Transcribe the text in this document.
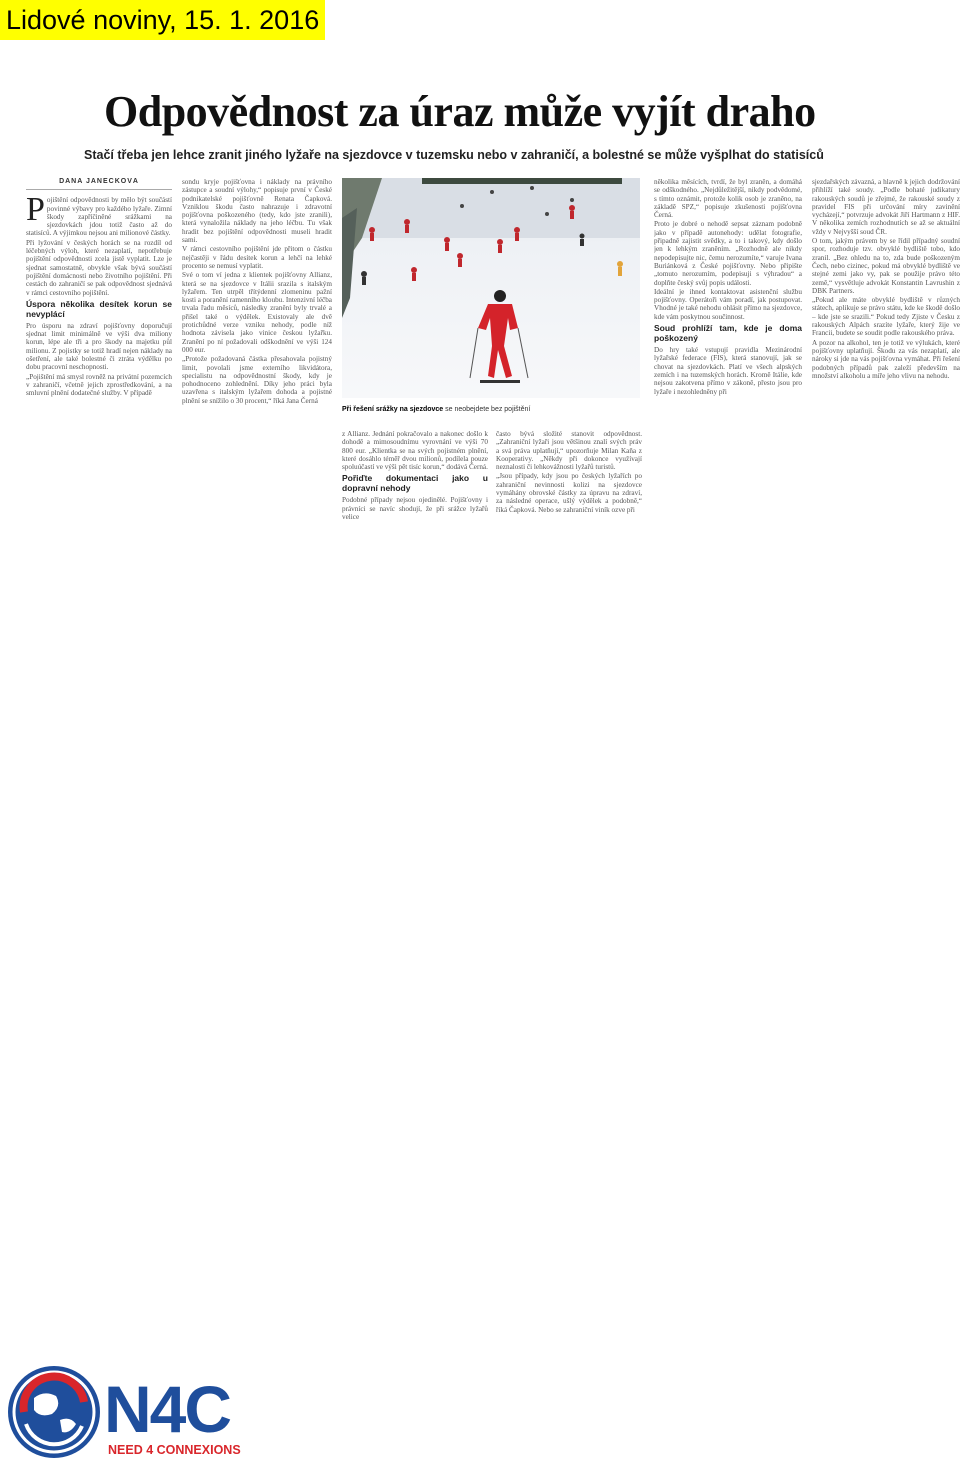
Lidové noviny, 15. 1. 2016
Odpovědnost za úraz může vyjít draho
Stačí třeba jen lehce zranit jiného lyžaře na sjezdovce v tuzemsku nebo v zahraničí, a bolestné se může vyšplhat do statisíců
DANA JANEČKOVÁ

Pojištění odpovědnosti by mělo být součástí povinné výbavy pro každého lyžaře. Zimní škody zapříčiněné srážkami na sjezdovkách jdou totiž často až do statisíců. A výjimkou nejsou ani milionové částky.

Při lyžování v českých horách se na rozdíl od léčebných výloh, které nezaplatí, nepotřebuje pojištění odpovědnosti zcela jistě vyplatit. Lze je sjednat samostatně, obvykle však bývá součástí pojištění domácnosti nebo životního pojištění. Při cestách do zahraničí se pak odpovědnost sjednává v rámci cestovního pojištění.

Úspora několika desítek korun se nevyplácí

Pro úsporu na zdraví pojišťovny doporučují sjednat limit minimálně ve výši dva miliony korun, lépe ale tři a pro škody na majetku půl milionu. Z pojistky se totiž hradí nejen náklady na ošetření, ale také bolestné či ztráta výdělku po dobu pracovní neschopnosti.

„Pojištění má smysl rovněž na privátní pozemcích v zahraničí, včetně jejich zprostředkování, a na smluvní plnění dodatečné služby. V případě

sondu kryje pojišťovna i náklady na právního zástupce a soudní výlohy,“ popisuje první v České podnikatelské pojišťovně Renata Čapková. Vzniklou škodu často nahrazuje i zdravotní pojišťovna poškozeného (tedy, kdo jste zranili), která vynaložila náklady na jeho léčbu. Tu však hradit bez pojištění odpovědnosti museli hradit sami.

V rámci cestovního pojištění jde přitom o částku nejčastěji v řádu desítek korun a lehčí na lehké procento se nemusí vyplatit.

Své o tom ví jedna z klientek pojišťovny Allianz, která se na sjezdovce v Itálii srazila s italským lyžařem. Ten utrpěl třítýdenní zlomeninu pažní kosti a poranění ramenního kloubu. Intenzivní léčba trvala řadu měsíců, následky zranění byly trvalé a přišel také o výdělek. Existovaly ale dvě protichůdné verze vzniku nehody, podle níž hodnota závisela jako vinice českou lyžařku. Zranění po ní požadovali odškodnění ve výši 124 000 eur.

„Protože požadovaná částka přesahovala pojistný limit, povolali jsme externího likvidátora, specialistu na odpovědnostní škody, kdy je pohodnoceno zohlednění. Díky jeho práci byla uzavřena s italským lyžařem dohoda a pojistné plnění se snížilo o 30 procent,“ říká Jana Černá

Při řešení srážky na sjezdovce se neobejdete bez pojištění

z Allianz. Jednání pokračovalo a nakonec došlo k dohodě a mimosoudnímu vyrovnání ve výši 70 800 eur. „Klientka se na svých pojistném plnění, které dosáhlo téměř dvou milionů, podílela pouze spoluúčastí ve výši pět tisíc korun,“ dodává Černá.

Pořiďte dokumentaci jako u dopravní nehody

Podobné případy nejsou ojedinělé. Pojišťovny i právníci se navíc shodují, že při srážce lyžařů velice

často bývá složité stanovit odpovědnost. „Zahraniční lyžaři jsou většinou znalí svých práv a svá práva uplatňují,“ upozorňuje Milan Kaňa z Kooperativy. „Někdy při dokonce využívají neznalosti či lehkovážnosti lyžařů turistů.

„Jsou případy, kdy jsou po českých lyžařích po zahraniční nevinnosti kolizi na sjezdovce vymáhány obrovské částky za úpravu na zdraví, za následné operace, ušlý výdělek a podobně,“ říká Čapková. Nebo se zahraniční viník ozve při

několika měsících, tvrdí, že byl zraněn, a domáhá se odškodného. „Nejdůležitější, nikdy podvědomé, s tímto oznámit, protože kolik osob je zraněno, na základě SPZ,“ popisuje zkušenosti pojišťovna Černá.

Proto je dobré o nehodě sepsat záznam podobně jako v případě autonehody: udělat fotografie, připadně zajistit svědky, a to i takový, kdy došlo jen k lehkým zraněním. „Rozhodně ale nikdy nepodepisujte nic, čemu nerozumíte,“ varuje Ivana Buriánková z České pojišťovny. Nebo připište „tomuto nerozumím, podepisuji s výhradou“ a doplňte český svůj popis události.

Ideální je ihned kontaktovat asistenční službu pojišťovny. Operátoři vám poradí, jak postupovat. Vhodné je také nehodu ohlásit přímo na sjezdovce, kde vám poskytnou součinnost.

Soud prohlíží tam, kde je doma poškozený

Do hry také vstupují pravidla Mezinárodní lyžařské federace (FIS), která stanovují, jak se chovat na sjezdovkách. Platí ve všech alpských zemích i na tuzemských horách. Kromě Itálie, kde nejsou zakotvena přímo v zákoně, přesto jsou pro lyžaře i nezohledněny při

sjezdařských závazná, a hlavně k jejich dodržování přihlíží také soudy. „Podle bohaté judikatury rakouských soudů je zřejmé, že rakouské soudy z pravidel FIS při určování míry zavinění vycházejí,“ potvrzuje advokát Jiří Hartmann z HIF. V několika zemích rozhodnutích se až se aktuální vždy v Nejvyšší soud ČR.

O tom, jakým právem by se řídil případný soudní spor, rozhoduje tzv. obvyklé bydliště tobo, kdo zranil. „Bez ohledu na to, zda bude poškozeným Čech, nebo cizinec, pokud má obvyklé bydliště ve stejné zemi jako vy, pak se použije právo této země,“ vysvětluje advokát Konstantin Lavrushin z DBK Partners.

„Pokud ale máte obvyklé bydliště v různých státech, aplikuje se právo státu, kde ke škodě došlo – kde jste se srazili.“ Pokud tedy Zjiste v Česku z rakouských Alpách srazíte lyžaře, který žije ve Francii, budete se soudit podle rakouského práva.

A pozor na alkohol, ten je totiž ve výlukách, které pojišťovny uplatňují. Škodu za vás nezaplatí, ale nároky si jde na vás pojišťovna vymáhat. Při řešení podobných případů pak zaleží především na množství alkoholu a míře jeho vlivu na nehodu.

N4C
NEED 4 CONNEXIONS
